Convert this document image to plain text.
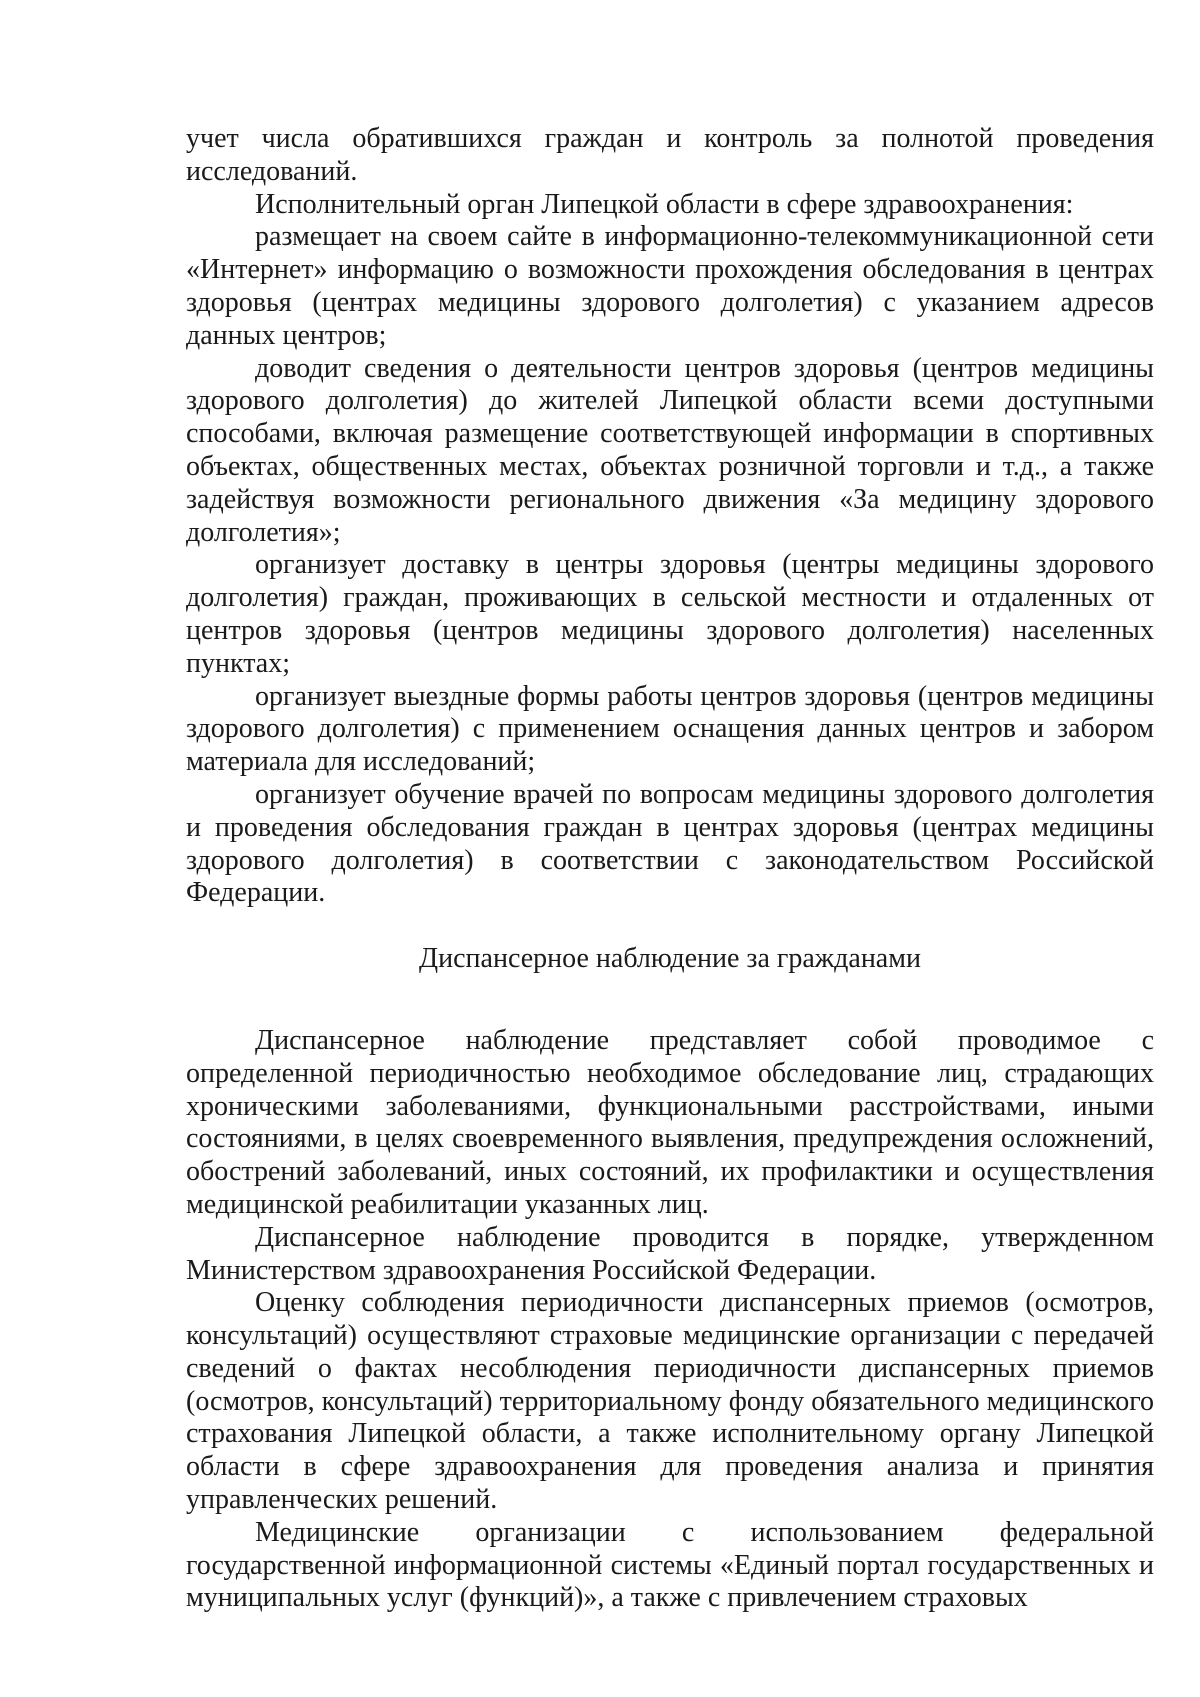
учет числа обратившихся граждан и контроль за полнотой проведения исследований.

Исполнительный орган Липецкой области в сфере здравоохранения:

размещает на своем сайте в информационно-телекоммуникационной сети «Интернет» информацию о возможности прохождения обследования в центрах здоровья (центрах медицины здорового долголетия) с указанием адресов данных центров;

доводит сведения о деятельности центров здоровья (центров медицины здорового долголетия) до жителей Липецкой области всеми доступными способами, включая размещение соответствующей информации в спортивных объектах, общественных местах, объектах розничной торговли и т.д., а также задействуя возможности регионального движения «За медицину здорового долголетия»;

организует доставку в центры здоровья (центры медицины здорового долголетия) граждан, проживающих в сельской местности и отдаленных от центров здоровья (центров медицины здорового долголетия) населенных пунктах;

организует выездные формы работы центров здоровья (центров медицины здорового долголетия) с применением оснащения данных центров и забором материала для исследований;

организует обучение врачей по вопросам медицины здорового долголетия и проведения обследования граждан в центрах здоровья (центрах медицины здорового долголетия) в соответствии с законодательством Российской Федерации.

Диспансерное наблюдение за гражданами

Диспансерное наблюдение представляет собой проводимое с определенной периодичностью необходимое обследование лиц, страдающих хроническими заболеваниями, функциональными расстройствами, иными состояниями, в целях своевременного выявления, предупреждения осложнений, обострений заболеваний, иных состояний, их профилактики и осуществления медицинской реабилитации указанных лиц.

Диспансерное наблюдение проводится в порядке, утвержденном Министерством здравоохранения Российской Федерации.

Оценку соблюдения периодичности диспансерных приемов (осмотров, консультаций) осуществляют страховые медицинские организации с передачей сведений о фактах несоблюдения периодичности диспансерных приемов (осмотров, консультаций) территориальному фонду обязательного медицинского страхования Липецкой области, а также исполнительному органу Липецкой области в сфере здравоохранения для проведения анализа и принятия управленческих решений.

Медицинские организации с использованием федеральной государственной информационной системы «Единый портал государственных и муниципальных услуг (функций)», а также с привлечением страховых
